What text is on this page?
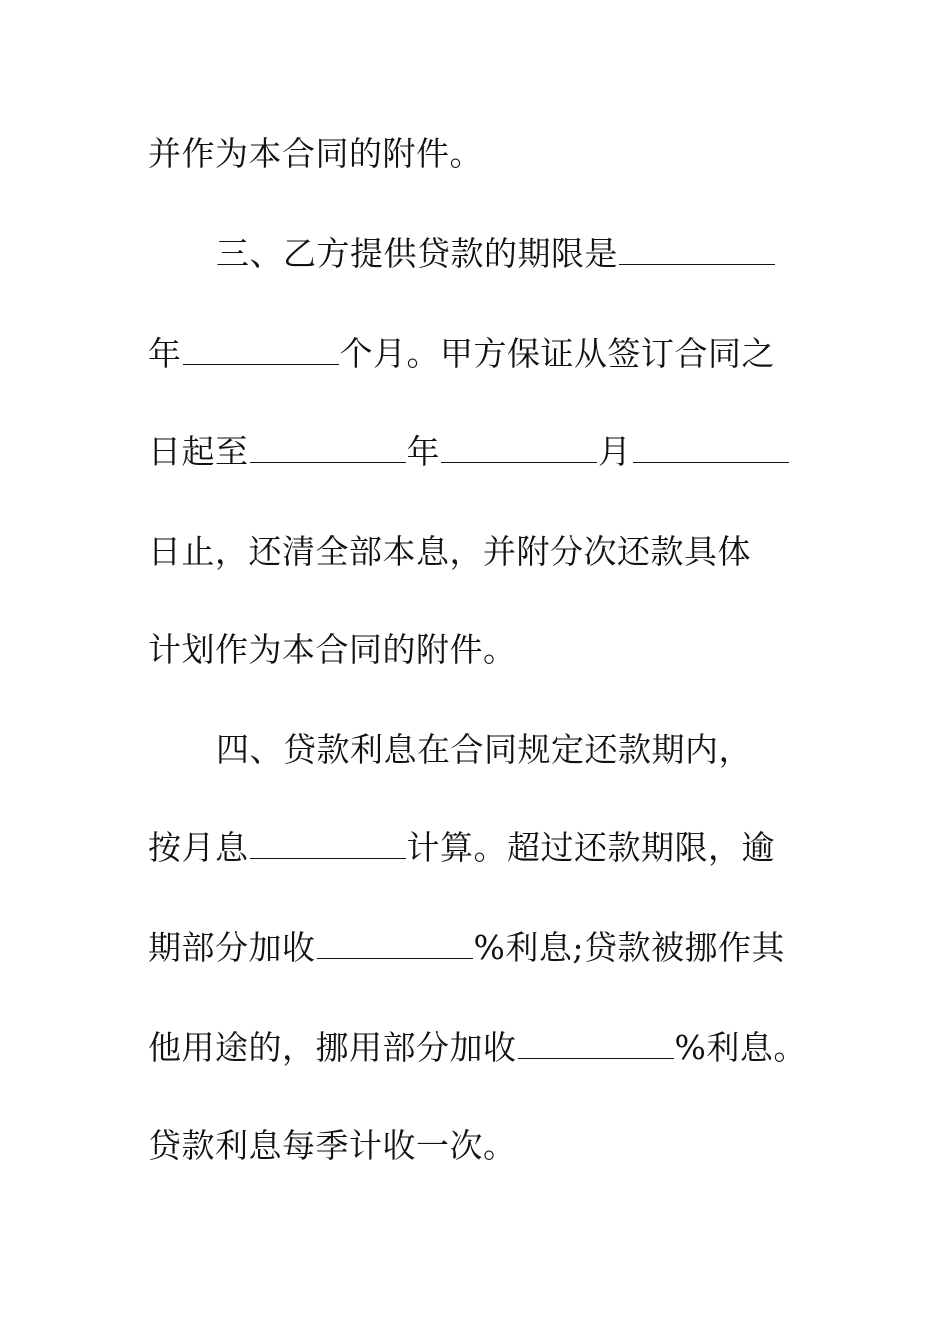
并作为本合同的附件。
三、乙方提供贷款的期限是
年	个月。甲方保证从签订合同之
日起至	年	月
日止，还清全部本息，并附分次还款具体
计划作为本合同的附件。
四、贷款利息在合同规定还款期内，
按月息	计算。超过还款期限，逾
期部分加收	%利息;贷款被挪作其
他用途的，挪用部分加收	%利息。
贷款利息每季计收一次。
